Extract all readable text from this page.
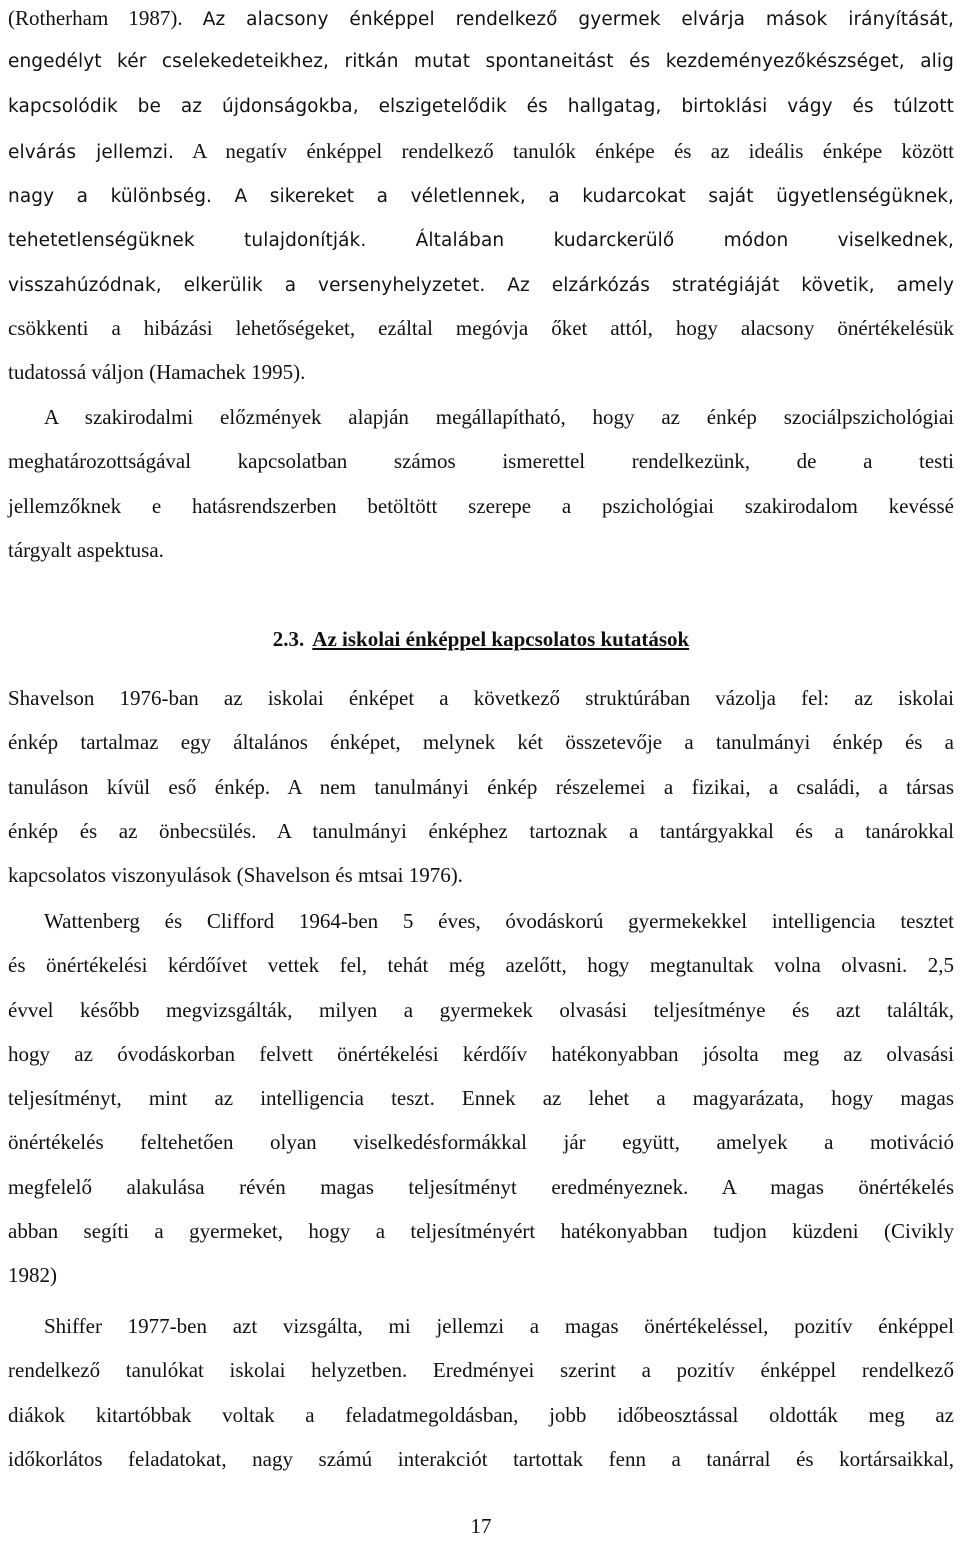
(Rotherham 1987). Az alacsony énképpel rendelkező gyermek elvárja mások irányítását,
engedélyt kér cselekedeteikhez, ritkán mutat spontaneitást és kezdeményezőkészséget, alig
kapcsolódik be az újdonságokba, elszigetelődik és hallgatag, birtoklási vágy és túlzott
elvárás jellemzi. A negatív énképpel rendelkező tanulók énképe és az ideális énképe között
nagy a különbség. A sikereket a véletlennek, a kudarcokat saját ügyetlenségüknek,
tehetetlenségüknek tulajdonítják. Általában kudarckerülő módon viselkednek,
visszahúzódnak, elkerülik a versenyhelyzetet. Az elzárkózás stratégiáját követik, amely
csökkenti a hibázási lehetőségeket, ezáltal megóvja őket attól, hogy alacsony önértékelésük
tudatossá váljon (Hamachek 1995).
A szakirodalmi előzmények alapján megállapítható, hogy az énkép szociálpszichológiai
meghatározottságával kapcsolatban számos ismerettel rendelkezünk, de a testi
jellemzőknek e hatásrendszerben betöltött szerepe a pszichológiai szakirodalom kevéssé
tárgyalt aspektusa.
2.3. Az iskolai énképpel kapcsolatos kutatások
Shavelson 1976-ban az iskolai énképet a következő struktúrában vázolja fel: az iskolai
énkép tartalmaz egy általános énképet, melynek két összetevője a tanulmányi énkép és a
tanuláson kívül eső énkép. A nem tanulmányi énkép részelemei a fizikai, a családi, a társas
énkép és az önbecsülés. A tanulmányi énképhez tartoznak a tantárgyakkal és a tanárokkal
kapcsolatos viszonyulások (Shavelson és mtsai 1976).
Wattenberg és Clifford 1964-ben 5 éves, óvodáskorú gyermekekkel intelligencia tesztet
és önértékelési kérdőívet vettek fel, tehát még azelőtt, hogy megtanultak volna olvasni. 2,5
évvel később megvizsgálták, milyen a gyermekek olvasási teljesítménye és azt találták,
hogy az óvodáskorban felvett önértékelési kérdőív hatékonyabban jósolta meg az olvasási
teljesítményt, mint az intelligencia teszt. Ennek az lehet a magyarázata, hogy magas
önértékelés feltehetően olyan viselkedésformákkal jár együtt, amelyek a motiváció
megfelelő alakulása révén magas teljesítményt eredményeznek. A magas önértékelés
abban segíti a gyermeket, hogy a teljesítményért hatékonyabban tudjon küzdeni (Civikly
1982)
Shiffer 1977-ben azt vizsgálta, mi jellemzi a magas önértékeléssel, pozitív énképpel
rendelkező tanulókat iskolai helyzetben. Eredményei szerint a pozitív énképpel rendelkező
diákok kitartóbbak voltak a feladatmegoldásban, jobb időbeosztással oldották meg az
időkorlátos feladatokat, nagy számú interakciót tartottak fenn a tanárral és kortársaikkal,
17
